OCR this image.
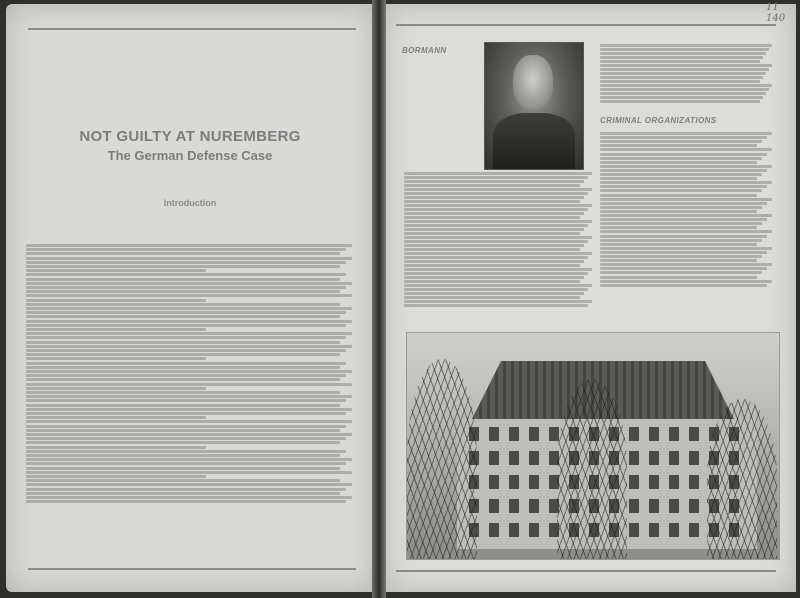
NOT GUILTY AT NUREMBERG
The German Defense Case
Introduction
BORMANN
CRIMINAL ORGANIZATIONS
11 140
